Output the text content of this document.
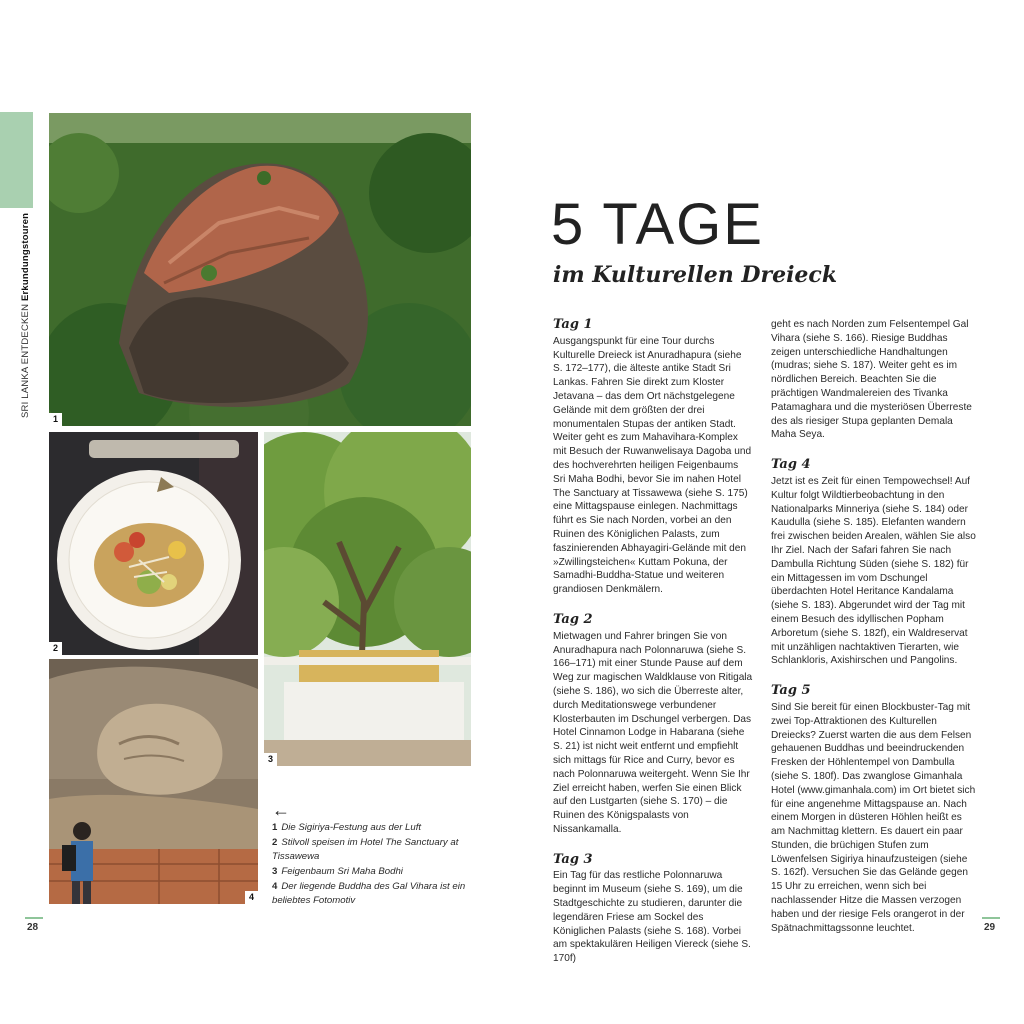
SRI LANKA ENTDECKEN Erkundungstouren
1
2
3
4
←
1 Die Sigiriya-Festung aus der Luft
2 Stilvoll speisen im Hotel The Sanctuary at Tissawewa
3 Feigenbaum Sri Maha Bodhi
4 Der liegende Buddha des Gal Vihara ist ein beliebtes Fotomotiv
28
5 TAGE
im Kulturellen Dreieck
Tag 1

Ausgangspunkt für eine Tour durchs Kulturelle Dreieck ist Anuradhapura (siehe S. 172–177), die älteste antike Stadt Sri Lankas. Fahren Sie direkt zum Kloster Jetavana – das dem Ort nächstgelegene Gelände mit dem größten der drei monumentalen Stupas der antiken Stadt. Weiter geht es zum Mahavihara-Komplex mit Besuch der Ruwanwelisaya Dagoba und des hochverehrten heiligen Feigenbaums Sri Maha Bodhi, bevor Sie im nahen Hotel The Sanctuary at Tissawewa (siehe S. 175) eine Mittagspause einlegen. Nachmittags führt es Sie nach Norden, vorbei an den Ruinen des Königlichen Palasts, zum faszinierenden Abhayagiri-Gelände mit den »Zwillingsteichen« Kuttam Pokuna, der Samadhi-Buddha-Statue und weiteren grandiosen Denkmälern.

Tag 2

Mietwagen und Fahrer bringen Sie von Anuradhapura nach Polonnaruwa (siehe S. 166–171) mit einer Stunde Pause auf dem Weg zur magischen Waldklause von Ritigala (siehe S. 186), wo sich die Überreste alter, durch Meditationswege verbundener Klosterbauten im Dschungel verbergen. Das Hotel Cinnamon Lodge in Habarana (siehe S. 21) ist nicht weit entfernt und empfiehlt sich mittags für Rice and Curry, bevor es nach Polonnaruwa weitergeht. Wenn Sie Ihr Ziel erreicht haben, werfen Sie einen Blick auf den Lustgarten (siehe S. 170) – die Ruinen des Königspalasts von Nissankamalla.

Tag 3

Ein Tag für das restliche Polonnaruwa beginnt im Museum (siehe S. 169), um die Stadtgeschichte zu studieren, darunter die legendären Friese am Sockel des Königlichen Palasts (siehe S. 168). Vorbei am spektakulären Heiligen Viereck (siehe S. 170f)

geht es nach Norden zum Felsentempel Gal Vihara (siehe S. 166). Riesige Buddhas zeigen unterschiedliche Handhaltungen (mudras; siehe S. 187). Weiter geht es im nördlichen Bereich. Beachten Sie die prächtigen Wandmalereien des Tivanka Patamaghara und die mysteriösen Überreste des als riesiger Stupa geplanten Demala Maha Seya.

Tag 4

Jetzt ist es Zeit für einen Tempowechsel! Auf Kultur folgt Wildtierbeobachtung in den Nationalparks Minneriya (siehe S. 184) oder Kaudulla (siehe S. 185). Elefanten wandern frei zwischen beiden Arealen, wählen Sie also Ihr Ziel. Nach der Safari fahren Sie nach Dambulla Richtung Süden (siehe S. 182) für ein Mittagessen im vom Dschungel überdachten Hotel Heritance Kandalama (siehe S. 183). Abgerundet wird der Tag mit einem Besuch des idyllischen Popham Arboretum (siehe S. 182f), ein Waldreservat mit unzähligen nachtaktiven Tierarten, wie Schlankloris, Axishirschen und Pangolins.

Tag 5

Sind Sie bereit für einen Blockbuster-Tag mit zwei Top-Attraktionen des Kulturellen Dreiecks? Zuerst warten die aus dem Felsen gehauenen Buddhas und beeindruckenden Fresken der Höhlentempel von Dambulla (siehe S. 180f). Das zwanglose Gimanhala Hotel (www.gimanhala.com) im Ort bietet sich für eine angenehme Mittagspause an. Nach einem Morgen in düsteren Höhlen heißt es am Nachmittag klettern. Es dauert ein paar Stunden, die brüchigen Stufen zum Löwenfelsen Sigiriya hinaufzusteigen (siehe S. 162f). Versuchen Sie das Gelände gegen 15 Uhr zu erreichen, wenn sich bei nachlassender Hitze die Massen verzogen haben und der riesige Fels orangerot in der Spätnachmittagssonne leuchtet.	29
